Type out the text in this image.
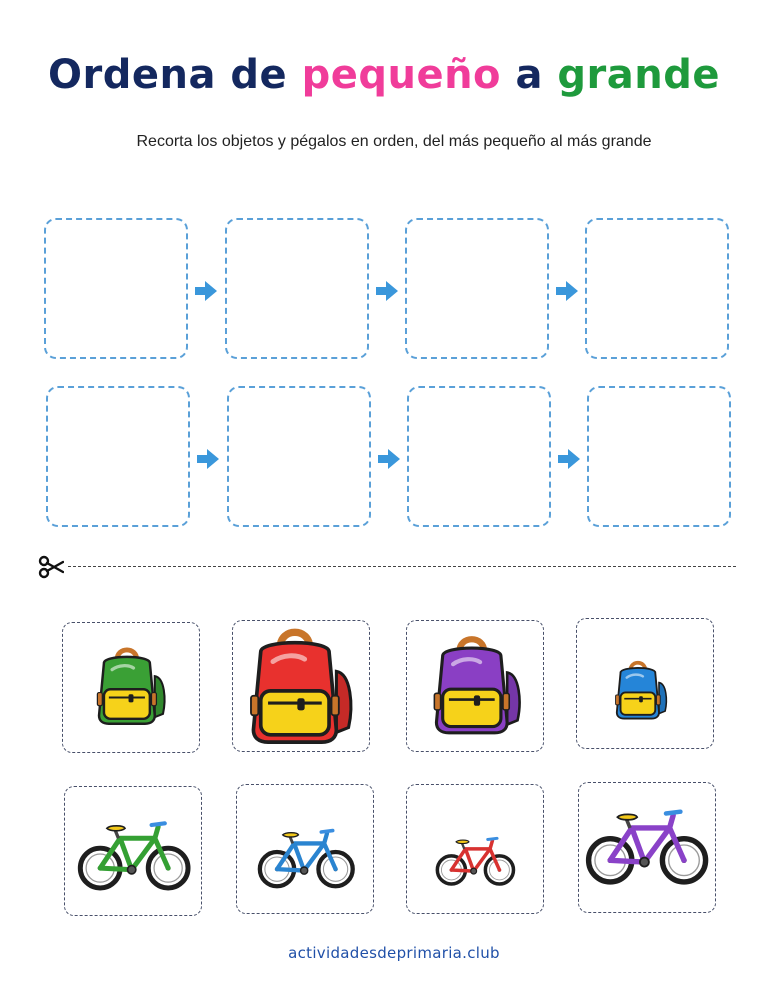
Ordena de pequeño a grande
Recorta los objetos y pégalos en orden, del más pequeño al más grande
actividadesdeprimaria.club
